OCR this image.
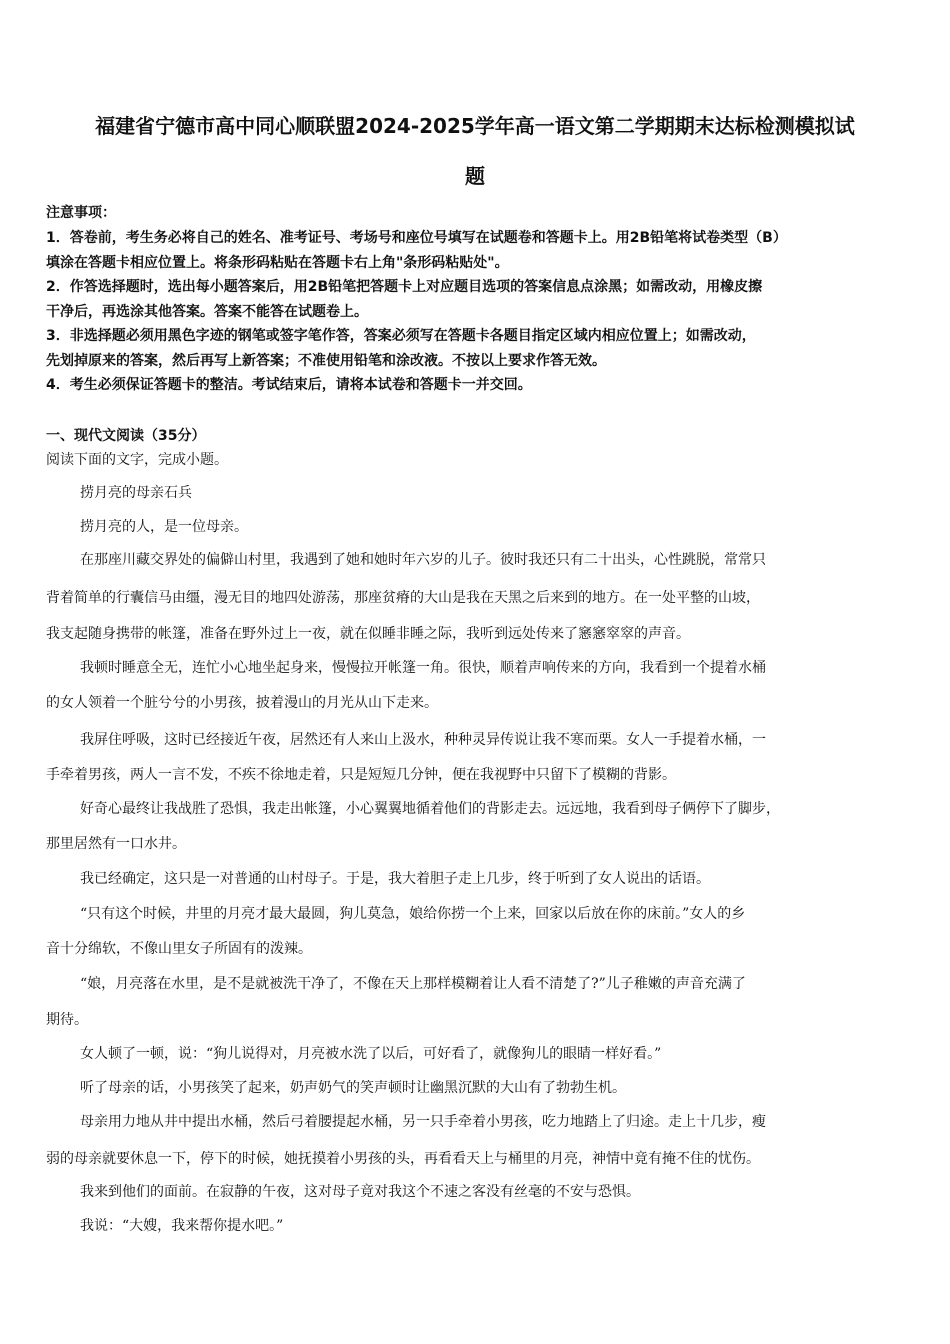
福建省宁德市高中同心顺联盟2024-2025学年高一语文第二学期期末达标检测模拟试
题
注意事项：
1．答卷前，考生务必将自己的姓名、准考证号、考场号和座位号填写在试题卷和答题卡上。用2B铅笔将试卷类型（B）
填涂在答题卡相应位置上。将条形码粘贴在答题卡右上角"条形码粘贴处"。
2．作答选择题时，选出每小题答案后，用2B铅笔把答题卡上对应题目选项的答案信息点涂黑；如需改动，用橡皮擦
干净后，再选涂其他答案。答案不能答在试题卷上。
3．非选择题必须用黑色字迹的钢笔或签字笔作答，答案必须写在答题卡各题目指定区域内相应位置上；如需改动，
先划掉原来的答案，然后再写上新答案；不准使用铅笔和涂改液。不按以上要求作答无效。
4．考生必须保证答题卡的整洁。考试结束后，请将本试卷和答题卡一并交回。
一、现代文阅读（35分）
阅读下面的文字，完成小题。
捞月亮的母亲石兵
捞月亮的人，是一位母亲。
在那座川藏交界处的偏僻山村里，我遇到了她和她时年六岁的儿子。彼时我还只有二十出头，心性跳脱，常常只
背着简单的行囊信马由缰，漫无目的地四处游荡，那座贫瘠的大山是我在天黑之后来到的地方。在一处平整的山坡，
我支起随身携带的帐篷，准备在野外过上一夜，就在似睡非睡之际，我听到远处传来了窸窸窣窣的声音。
我顿时睡意全无，连忙小心地坐起身来，慢慢拉开帐篷一角。很快，顺着声响传来的方向，我看到一个提着水桶
的女人领着一个脏兮兮的小男孩，披着漫山的月光从山下走来。
我屏住呼吸，这时已经接近午夜，居然还有人来山上汲水，种种灵异传说让我不寒而栗。女人一手提着水桶，一
手牵着男孩，两人一言不发，不疾不徐地走着，只是短短几分钟，便在我视野中只留下了模糊的背影。
好奇心最终让我战胜了恐惧，我走出帐篷，小心翼翼地循着他们的背影走去。远远地，我看到母子俩停下了脚步，
那里居然有一口水井。
我已经确定，这只是一对普通的山村母子。于是，我大着胆子走上几步，终于听到了女人说出的话语。
“只有这个时候，井里的月亮才最大最圆，狗儿莫急，娘给你捞一个上来，回家以后放在你的床前。”女人的乡
音十分绵软，不像山里女子所固有的泼辣。
“娘，月亮落在水里，是不是就被洗干净了，不像在天上那样模糊着让人看不清楚了?”儿子稚嫩的声音充满了
期待。
女人顿了一顿，说：“狗儿说得对，月亮被水洗了以后，可好看了，就像狗儿的眼睛一样好看。”
听了母亲的话，小男孩笑了起来，奶声奶气的笑声顿时让幽黑沉默的大山有了勃勃生机。
母亲用力地从井中提出水桶，然后弓着腰提起水桶，另一只手牵着小男孩，吃力地踏上了归途。走上十几步，瘦
弱的母亲就要休息一下，停下的时候，她抚摸着小男孩的头，再看看天上与桶里的月亮，神情中竟有掩不住的忧伤。
我来到他们的面前。在寂静的午夜，这对母子竟对我这个不速之客没有丝毫的不安与恐惧。
我说：“大嫂，我来帮你提水吧。”
